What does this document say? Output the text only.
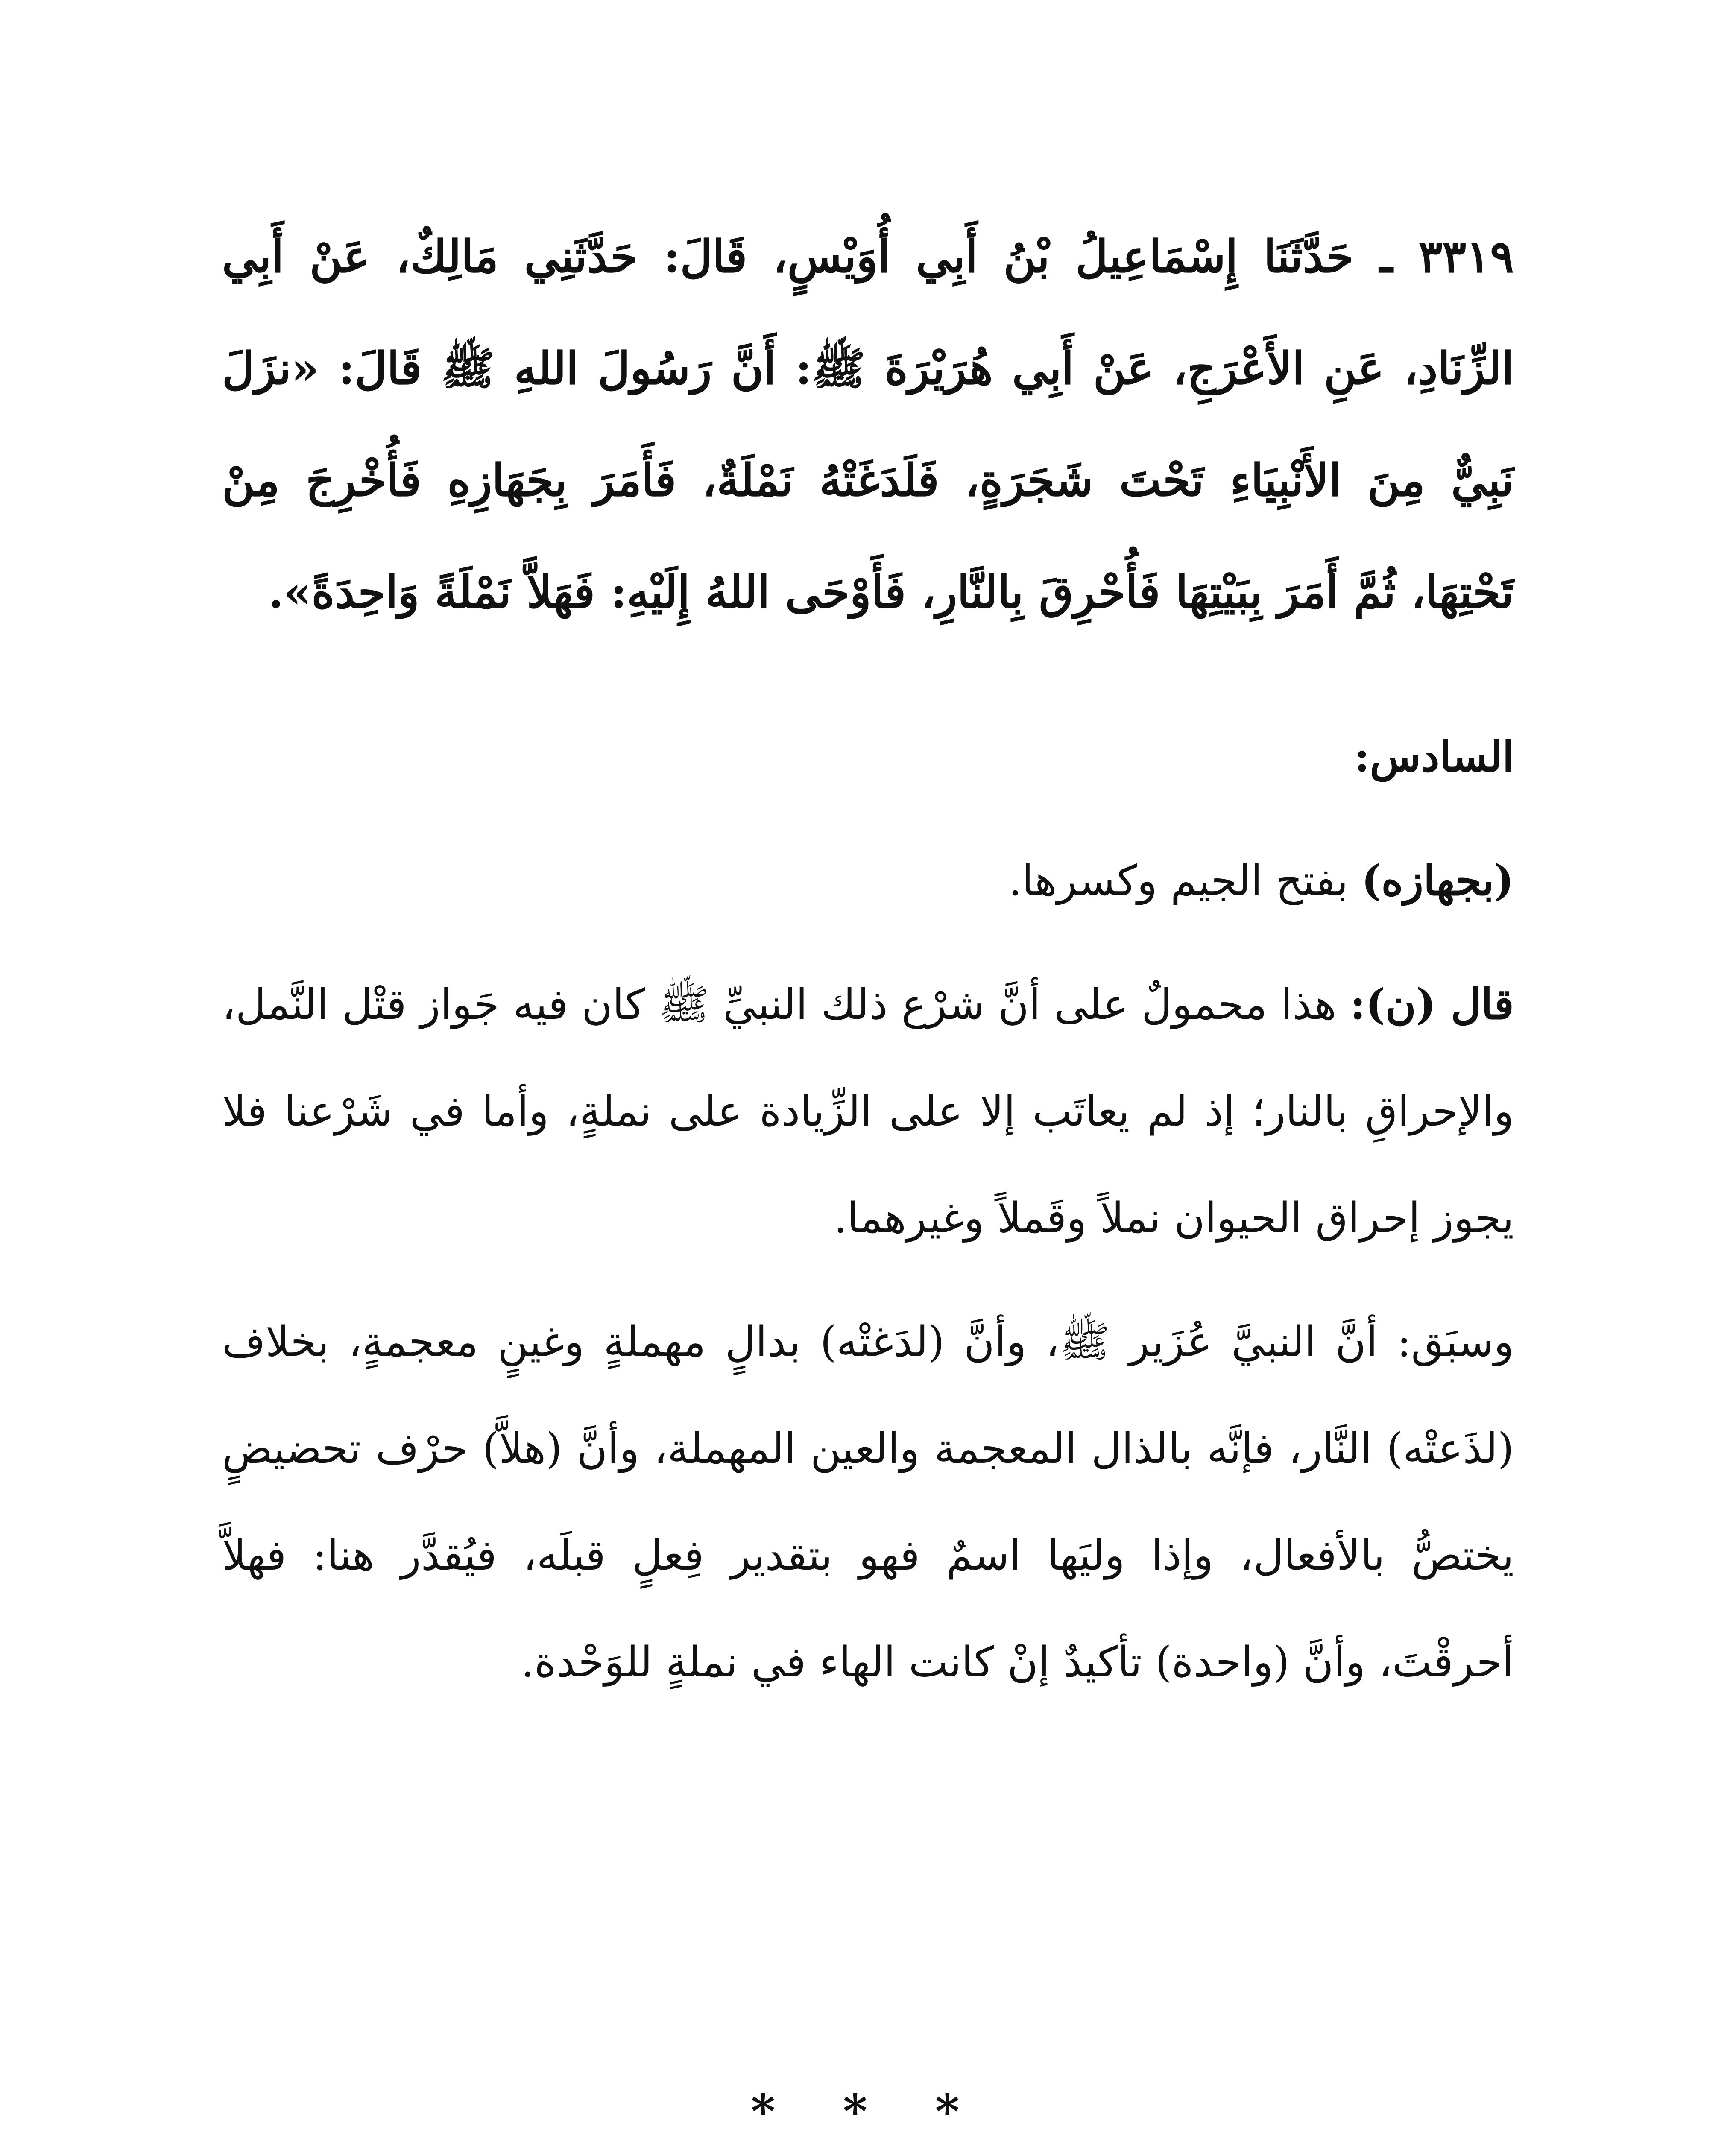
٣٣١٩ ـ حَدَّثَنَا إِسْمَاعِيلُ بْنُ أَبِي أُوَيْسٍ، قَالَ: حَدَّثَنِي مَالِكٌ، عَنْ أَبِي الزِّنَادِ، عَنِ الأَعْرَجِ، عَنْ أَبِي هُرَيْرَةَ ﷺ: أَنَّ رَسُولَ اللهِ ﷺ قَالَ: «نزَلَ نَبِيٌّ مِنَ الأَنْبِيَاءِ تَحْتَ شَجَرَةٍ، فَلَدَغَتْهُ نَمْلَةٌ، فَأَمَرَ بِجَهَازِهِ فَأُخْرِجَ مِنْ تَحْتِهَا، ثُمَّ أَمَرَ بِبَيْتِهَا فَأُحْرِقَ بِالنَّارِ، فَأَوْحَى اللهُ إِلَيْهِ: فَهَلاَّ نَمْلَةً وَاحِدَةً».

السادس:

(بجهازه) بفتح الجيم وكسرها.

قال (ن): هذا محمولٌ على أنَّ شرْع ذلك النبيِّ ﷺ كان فيه جَواز قتْل النَّمل، والإحراقِ بالنار؛ إذ لم يعاتَب إلا على الزِّيادة على نملةٍ، وأما في شَرْعنا فلا يجوز إحراق الحيوان نملاً وقَملاً وغيرهما.

وسبَق: أنَّ النبيَّ عُزَير ﷺ، وأنَّ (لدَغتْه) بدالٍ مهملةٍ وغينٍ معجمةٍ، بخلاف (لذَعتْه) النَّار، فإنَّه بالذال المعجمة والعين المهملة، وأنَّ (هلاَّ) حرْف تحضيضٍ يختصُّ بالأفعال، وإذا وليَها اسمٌ فهو بتقدير فِعلٍ قبلَه، فيُقدَّر هنا: فهلاَّ أحرقْتَ، وأنَّ (واحدة) تأكيدٌ إنْ كانت الهاء في نملةٍ للوَحْدة.

* * *
